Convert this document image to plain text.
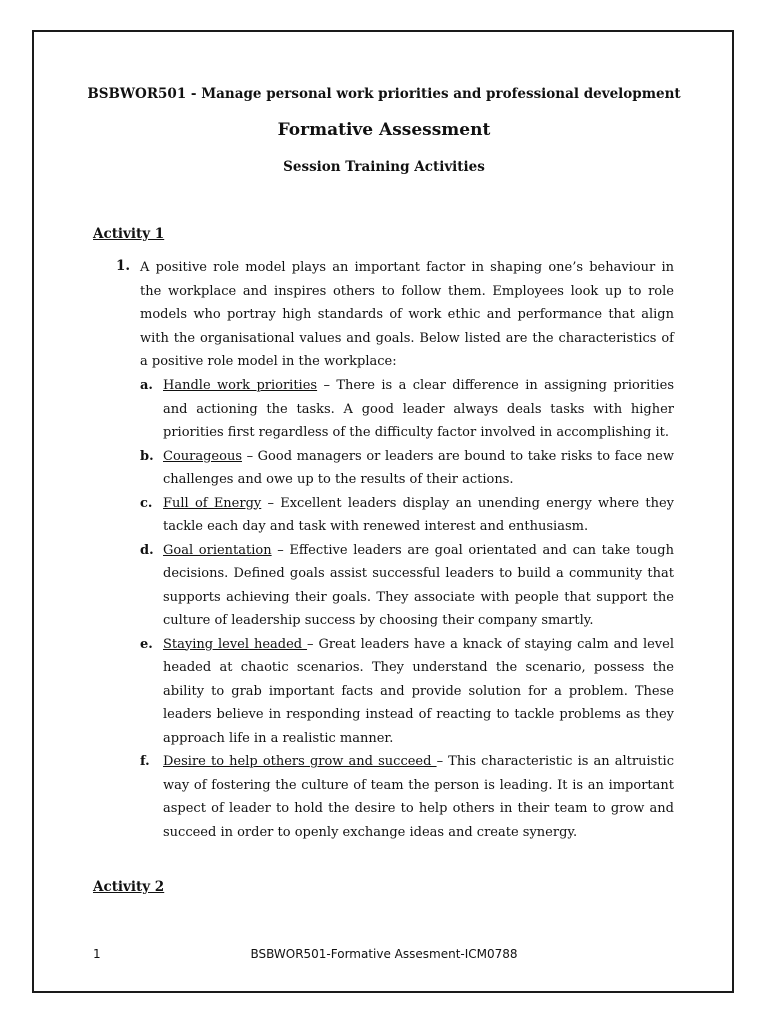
BSBWOR501 - Manage personal work priorities and professional development
Formative Assessment
Session Training Activities
Activity 1
1. A positive role model plays an important factor in shaping one’s behaviour in the workplace and inspires others to follow them. Employees look up to role models who portray high standards of work ethic and performance that align with the organisational values and goals. Below listed are the characteristics of a positive role model in the workplace:

a. Handle work priorities – There is a clear difference in assigning priorities and actioning the tasks. A good leader always deals tasks with higher priorities first regardless of the difficulty factor involved in accomplishing it.
b. Courageous – Good managers or leaders are bound to take risks to face new challenges and owe up to the results of their actions.
c. Full of Energy – Excellent leaders display an unending energy where they tackle each day and task with renewed interest and enthusiasm.
d. Goal orientation – Effective leaders are goal orientated and can take tough decisions. Defined goals assist successful leaders to build a community that supports achieving their goals. They associate with people that support the culture of leadership success by choosing their company smartly.
e. Staying level headed – Great leaders have a knack of staying calm and level headed at chaotic scenarios. They understand the scenario, possess the ability to grab important facts and provide solution for a problem. These leaders believe in responding instead of reacting to tackle problems as they approach life in a realistic manner.
f. Desire to help others grow and succeed – This characteristic is an altruistic way of fostering the culture of team the person is leading. It is an important aspect of leader to hold the desire to help others in their team to grow and succeed in order to openly exchange ideas and create synergy.
Activity 2
1	BSBWOR501-Formative Assesment-ICM0788
